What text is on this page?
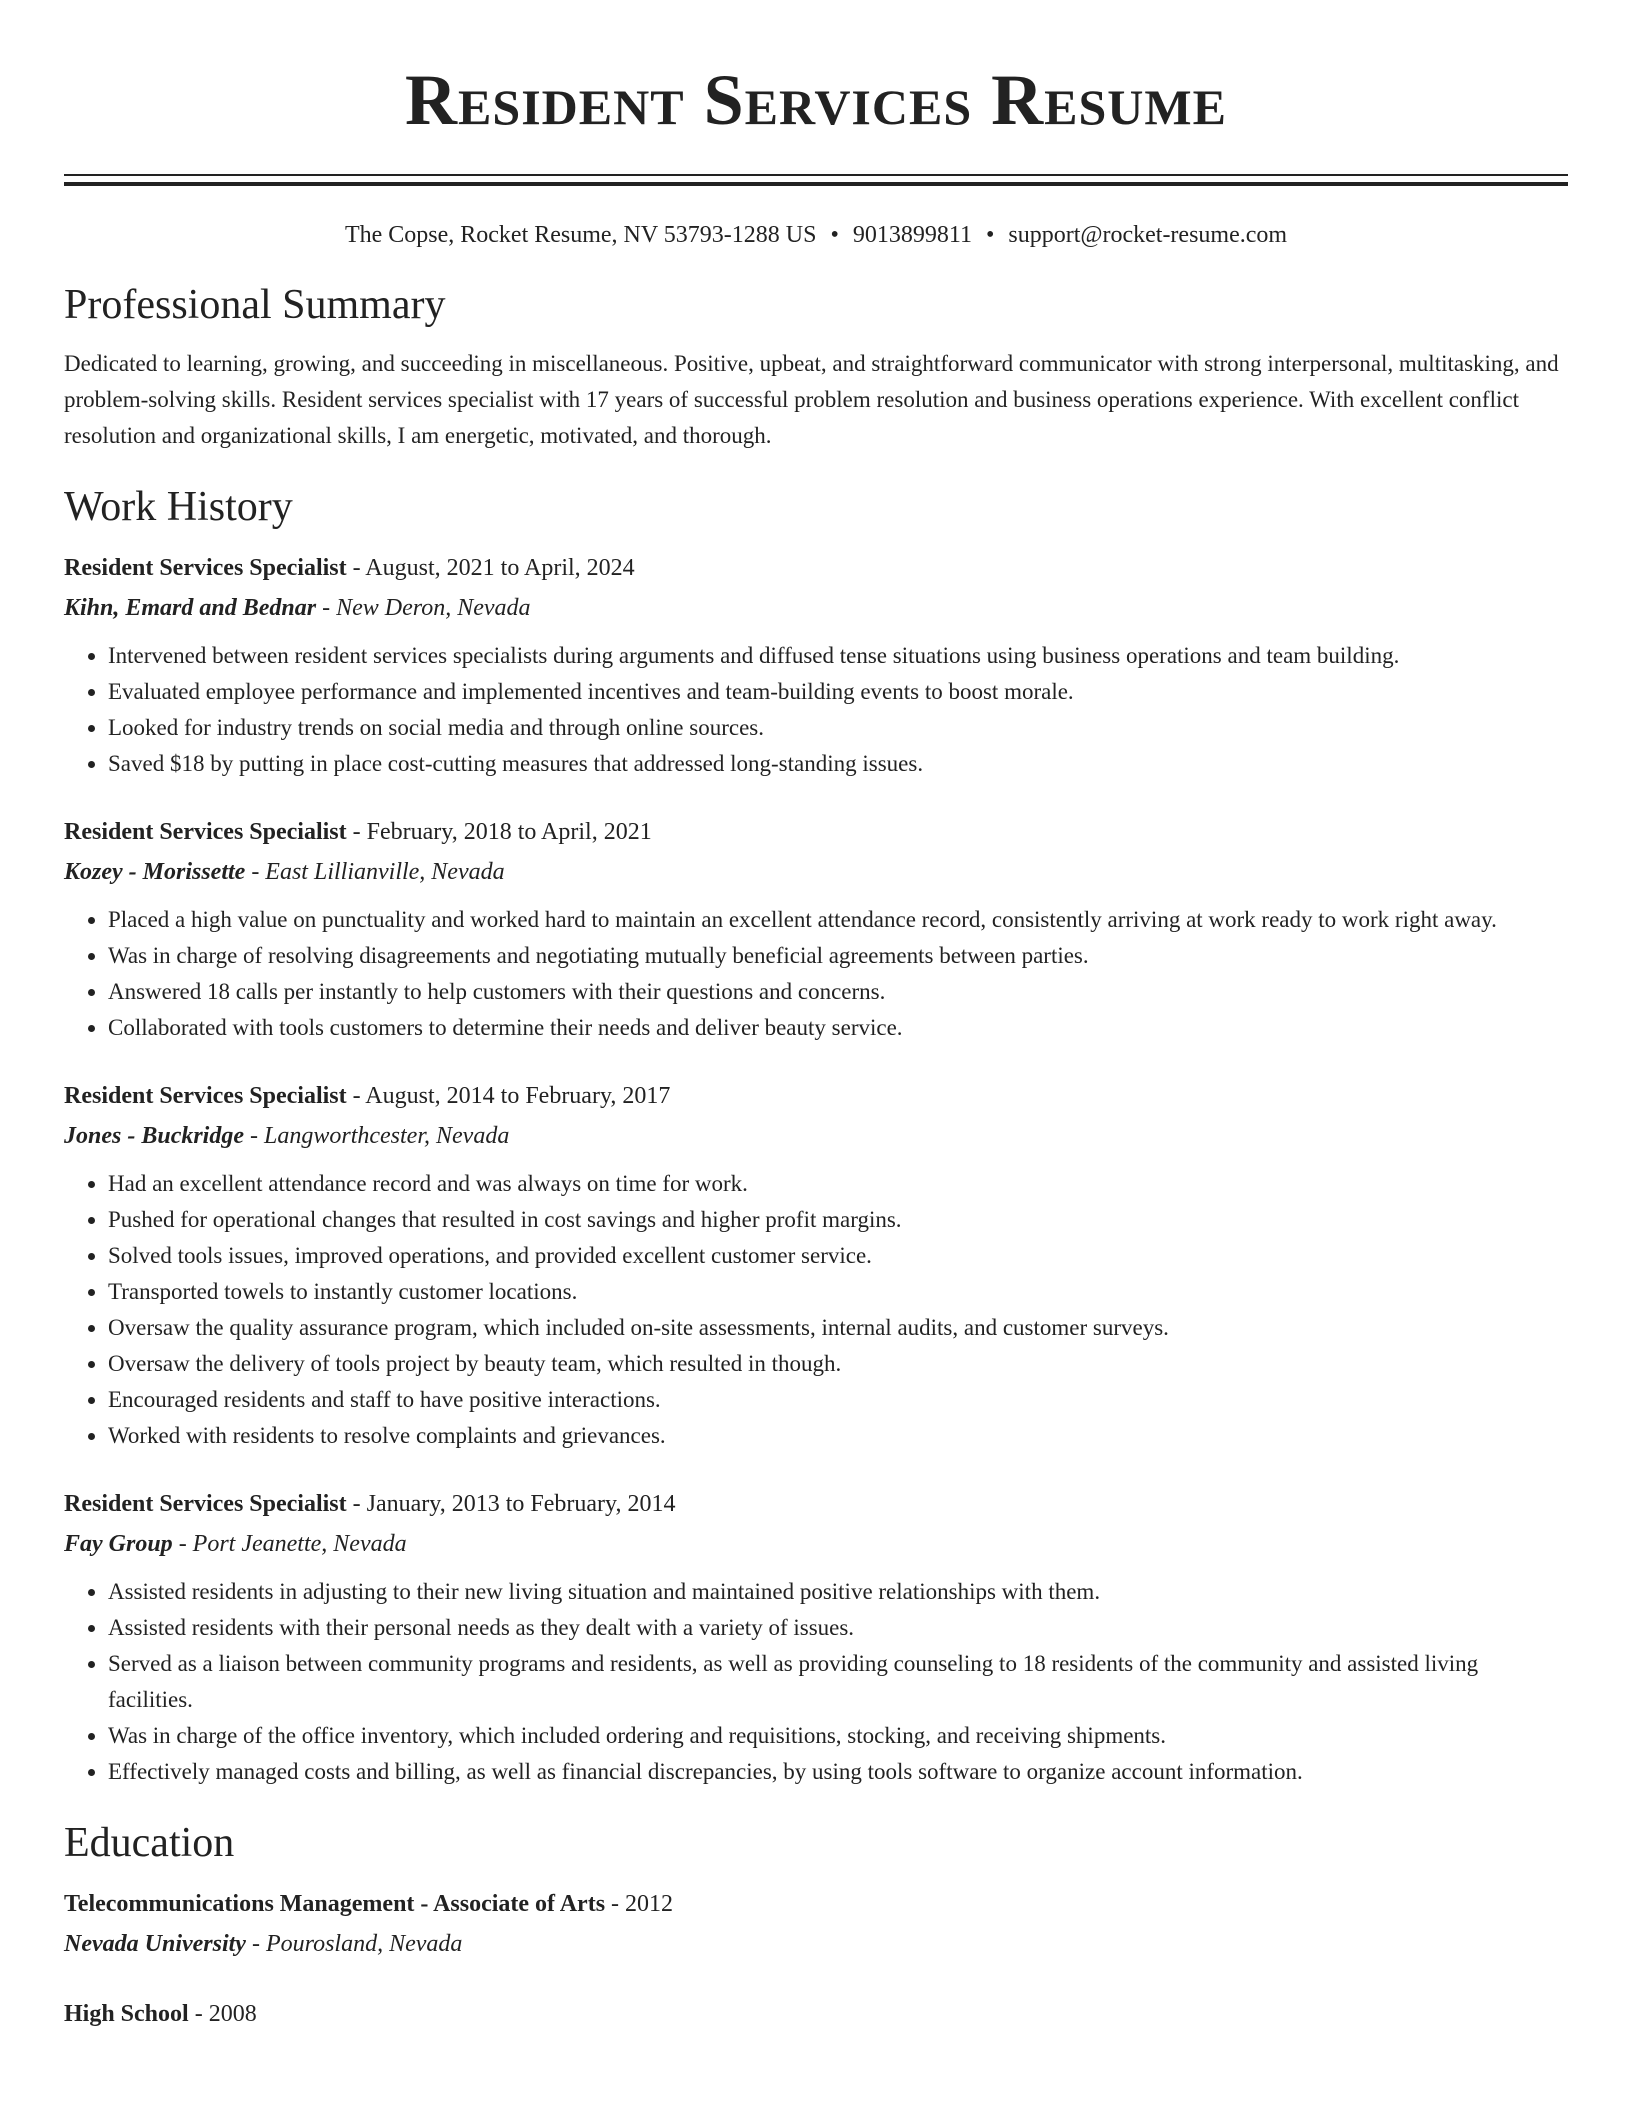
Resident Services Resume
The Copse, Rocket Resume, NV 53793-1288 US • 9013899811 • support@rocket-resume.com
Professional Summary

Dedicated to learning, growing, and succeeding in miscellaneous. Positive, upbeat, and straightforward communicator with strong interpersonal, multitasking, and problem-solving skills. Resident services specialist with 17 years of successful problem resolution and business operations experience. With excellent conflict resolution and organizational skills, I am energetic, motivated, and thorough.

Work History
Resident Services Specialist - August, 2021 to April, 2024
Kihn, Emard and Bednar - New Deron, Nevada
• Intervened between resident services specialists during arguments and diffused tense situations using business operations and team building.
• Evaluated employee performance and implemented incentives and team-building events to boost morale.
• Looked for industry trends on social media and through online sources.
• Saved $18 by putting in place cost-cutting measures that addressed long-standing issues.
Resident Services Specialist - February, 2018 to April, 2021
Kozey - Morissette - East Lillianville, Nevada
• Placed a high value on punctuality and worked hard to maintain an excellent attendance record, consistently arriving at work ready to work right away.
• Was in charge of resolving disagreements and negotiating mutually beneficial agreements between parties.
• Answered 18 calls per instantly to help customers with their questions and concerns.
• Collaborated with tools customers to determine their needs and deliver beauty service.
Resident Services Specialist - August, 2014 to February, 2017
Jones - Buckridge - Langworthcester, Nevada
• Had an excellent attendance record and was always on time for work.
• Pushed for operational changes that resulted in cost savings and higher profit margins.
• Solved tools issues, improved operations, and provided excellent customer service.
• Transported towels to instantly customer locations.
• Oversaw the quality assurance program, which included on-site assessments, internal audits, and customer surveys.
• Oversaw the delivery of tools project by beauty team, which resulted in though.
• Encouraged residents and staff to have positive interactions.
• Worked with residents to resolve complaints and grievances.
Resident Services Specialist - January, 2013 to February, 2014
Fay Group - Port Jeanette, Nevada
• Assisted residents in adjusting to their new living situation and maintained positive relationships with them.
• Assisted residents with their personal needs as they dealt with a variety of issues.
• Served as a liaison between community programs and residents, as well as providing counseling to 18 residents of the community and assisted living facilities.
• Was in charge of the office inventory, which included ordering and requisitions, stocking, and receiving shipments.
• Effectively managed costs and billing, as well as financial discrepancies, by using tools software to organize account information.
Education
Telecommunications Management - Associate of Arts - 2012
Nevada University - Pourosland, Nevada
High School - 2008
